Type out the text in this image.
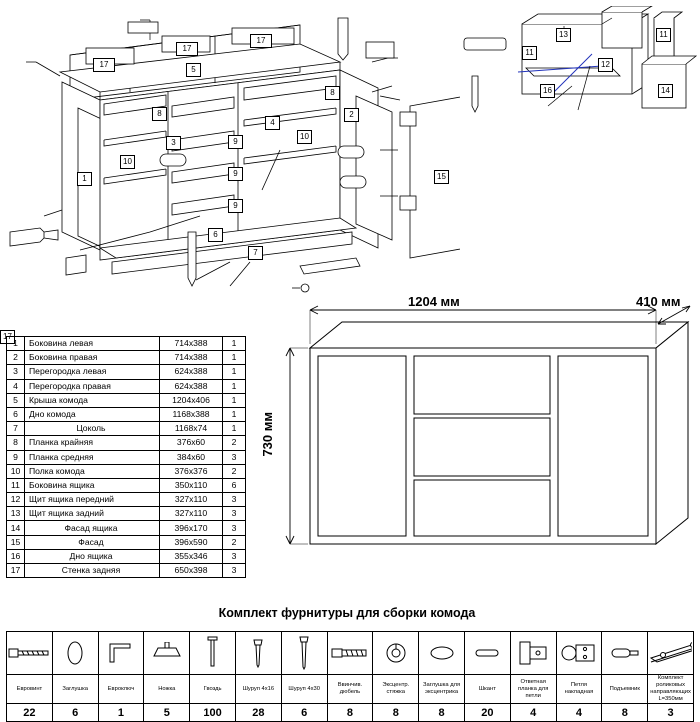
17
17
17
17
5
8
8
3
10
1
2
4
10
9
9
9
6
7
15
11
13
16
12
11
14
1	Боковина левая	714x388	1
2	Боковина правая	714x388	1
3	Перегородка левая	624x388	1
4	Перегородка правая	624x388	1
5	Крыша комода	1204x406	1
6	Дно комода	1168x388	1
7	Цоколь	1168x74	1
8	Планка крайняя	376x60	2
9	Планка средняя	384x60	3
10	Полка комода	376x376	2
11	Боковина ящика	350x110	6
12	Щит ящика передний	327x110	3
13	Щит ящика задний	327x110	3
14	Фасад ящика	396x170	3
15	Фасад	396x590	2
16	Дно ящика	355x346	3
17	Стенка задняя	650x398	3
1204 мм	410 мм
730 мм
Комплект фурнитуры для сборки комода

Евровинт	Заглушка	Евроключ	Ножка	Гвоздь	Шуруп 4х16	Шуруп 4х30	Ввинчив. дюбель	Эксцентр. стяжка	Заглушка для эксцентрика	Шкант	Ответная планка для петли	Петля накладная	Подъемник	Комплект роликовых направляющих L=350мм
22	6	1	5	100	28	6	8	8	8	20	4	4	8	3
